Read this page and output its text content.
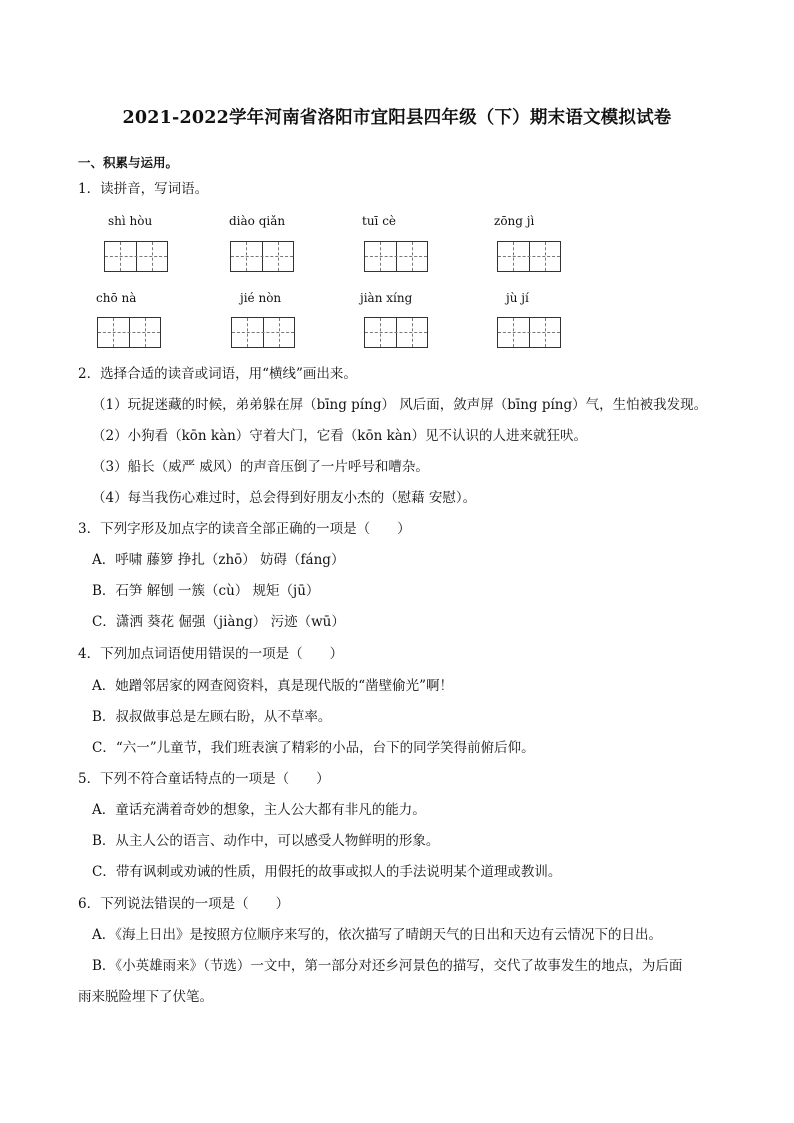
2021-2022学年河南省洛阳市宜阳县四年级（下）期末语文模拟试卷
一、积累与运用。
1．读拼音，写词语。
shì hòu	diào qiǎn	tuī cè	zōng jì
chō nà	jié nòn	jiàn xíng	jù jí
2．选择合适的读音或词语，用“横线”画出来。
（1）玩捉迷藏的时候，弟弟躲在屏（bīng píng） 风后面，敛声屏（bīng píng）气，生怕被我发现。
（2）小狗看（kōn kàn）守着大门，它看（kōn kàn）见不认识的人进来就狂吠。
（3）船长（威严 威风）的声音压倒了一片呼号和嘈杂。
（4）每当我伤心难过时，总会得到好朋友小杰的（慰藉 安慰）。
3．下列字形及加点字的读音全部正确的一项是（　　）
A．呼啸 藤箩 挣扎（zhō） 妨碍（fáng）
B．石笋 解刨 一簇（cù） 规矩（jū）
C．潇洒 葵花 倔强（jiàng） 污迹（wū）
4．下列加点词语使用错误的一项是（　　）
A．她蹭邻居家的网查阅资料，真是现代版的“凿壁偷光”啊！
B．叔叔做事总是左顾右盼，从不草率。
C．“六一”儿童节，我们班表演了精彩的小品，台下的同学笑得前俯后仰。
5．下列不符合童话特点的一项是（　　）
A．童话充满着奇妙的想象，主人公大都有非凡的能力。
B．从主人公的语言、动作中，可以感受人物鲜明的形象。
C．带有讽刺或劝诫的性质，用假托的故事或拟人的手法说明某个道理或教训。
6．下列说法错误的一项是（　　）
A．《海上日出》是按照方位顺序来写的，依次描写了晴朗天气的日出和天边有云情况下的日出。
B．《小英雄雨来》（节选）一文中，第一部分对还乡河景色的描写，交代了故事发生的地点，为后面
雨来脱险埋下了伏笔。
